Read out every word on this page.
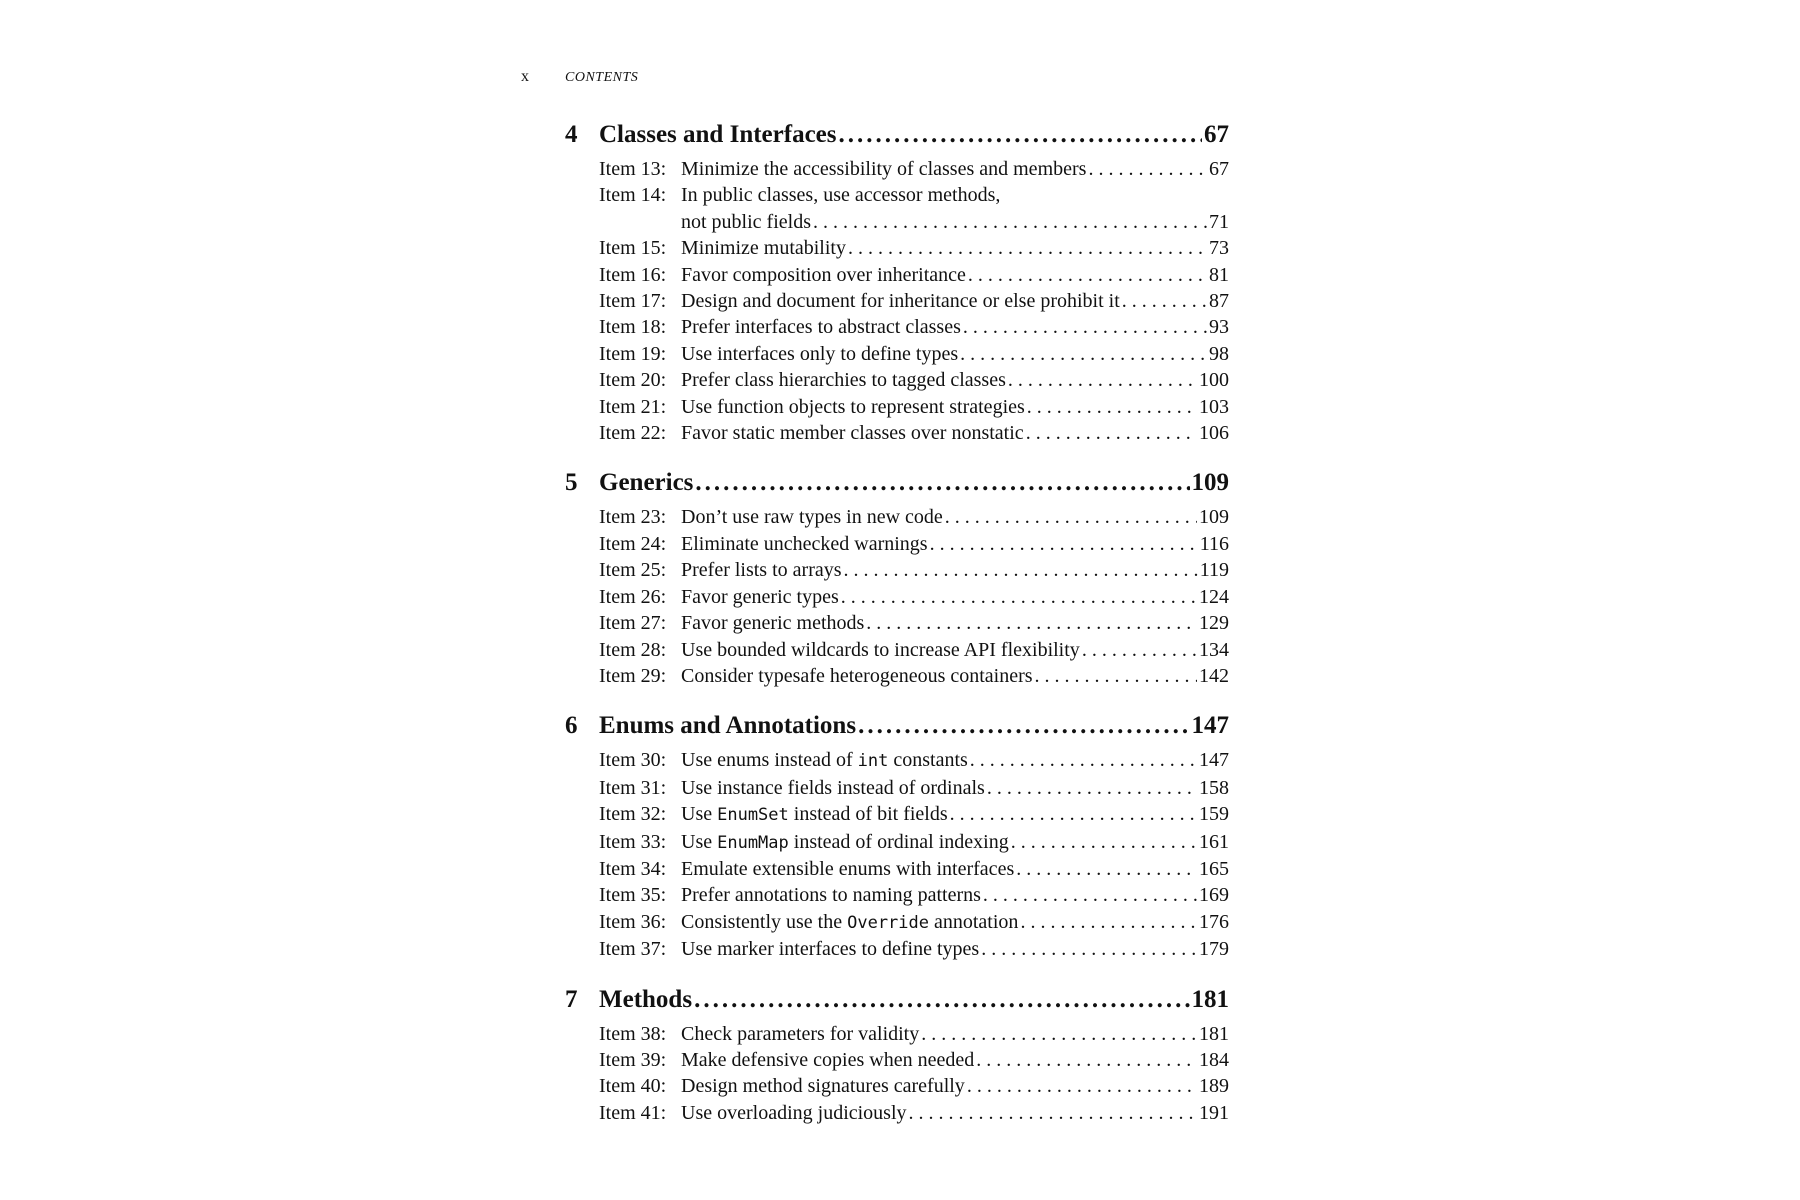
x	CONTENTS
4 Classes and Interfaces .....	67
Item 13: Minimize the accessibility of classes and members . . .	67
Item 14: In public classes, use accessor methods,
not public fields . . .	71
Item 15: Minimize mutability . . .	73
Item 16: Favor composition over inheritance . . .	81
Item 17: Design and document for inheritance or else prohibit it . . .	87
Item 18: Prefer interfaces to abstract classes . . .	93
Item 19: Use interfaces only to define types . . .	98
Item 20: Prefer class hierarchies to tagged classes . . .	100
Item 21: Use function objects to represent strategies . . .	103
Item 22: Favor static member classes over nonstatic . . .	106
5 Generics .....	109
Item 23: Don’t use raw types in new code . . .	109
Item 24: Eliminate unchecked warnings . . .	116
Item 25: Prefer lists to arrays . . .	119
Item 26: Favor generic types . . .	124
Item 27: Favor generic methods . . .	129
Item 28: Use bounded wildcards to increase API flexibility . . .	134
Item 29: Consider typesafe heterogeneous containers . . .	142
6 Enums and Annotations .....	147
Item 30: Use enums instead of int constants . . .	147
Item 31: Use instance fields instead of ordinals . . .	158
Item 32: Use EnumSet instead of bit fields . . .	159
Item 33: Use EnumMap instead of ordinal indexing . . .	161
Item 34: Emulate extensible enums with interfaces . . .	165
Item 35: Prefer annotations to naming patterns . . .	169
Item 36: Consistently use the Override annotation . . .	176
Item 37: Use marker interfaces to define types . . .	179
7 Methods .....	181
Item 38: Check parameters for validity . . .	181
Item 39: Make defensive copies when needed . . .	184
Item 40: Design method signatures carefully . . .	189
Item 41: Use overloading judiciously . . .	191
